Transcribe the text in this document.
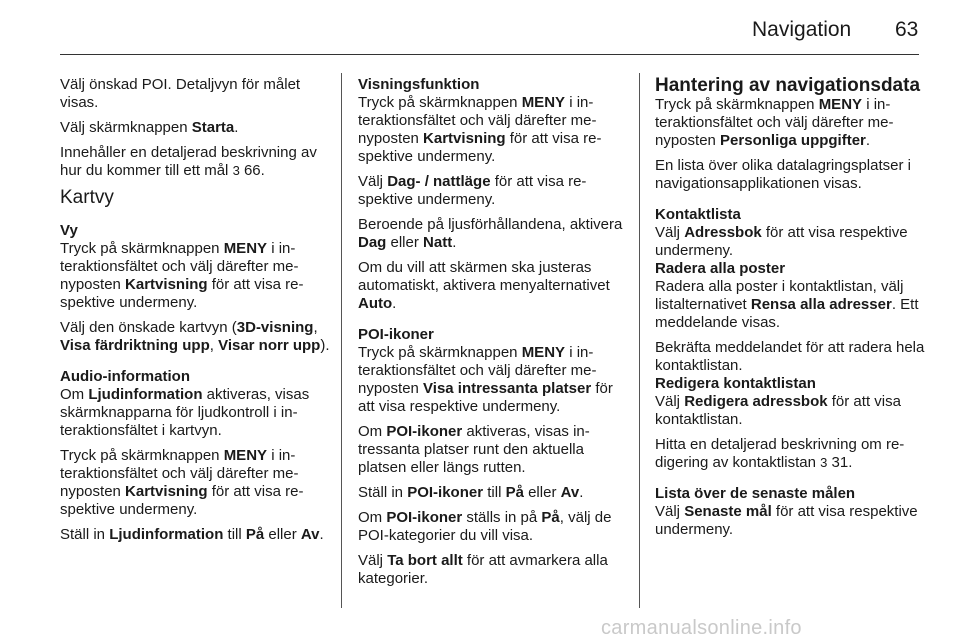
Navigation 63

Välj önskad POI. Detaljvyn för målet visas.

Välj skärmknappen Starta.

Innehåller en detaljerad beskrivning av hur du kommer till ett mål 3 66.

Kartvy
Vy

Tryck på skärmknappen MENY i interaktionsfältet och välj därefter menyposten Kartvisning för att visa respektive undermeny.

Välj den önskade kartvyn (3D-visning, Visa färdriktning upp, Visar norr upp).

Audio-information

Om Ljudinformation aktiveras, visas skärmknapparna för ljudkontroll i interaktionsfältet i kartvyn.

Tryck på skärmknappen MENY i interaktionsfältet och välj därefter menyposten Kartvisning för att visa respektive undermeny.

Ställ in Ljudinformation till På eller Av.

Visningsfunktion

Tryck på skärmknappen MENY i interaktionsfältet och välj därefter menyposten Kartvisning för att visa respektive undermeny.

Välj Dag- / nattläge för att visa respektive undermeny.

Beroende på ljusförhållandena, aktivera Dag eller Natt.

Om du vill att skärmen ska justeras automatiskt, aktivera menyalternativet Auto.

POI-ikoner

Tryck på skärmknappen MENY i interaktionsfältet och välj därefter menyposten Visa intressanta platser för att visa respektive undermeny.

Om POI-ikoner aktiveras, visas intressanta platser runt den aktuella platsen eller längs rutten.

Ställ in POI-ikoner till På eller Av.

Om POI-ikoner ställs in på På, välj de POI-kategorier du vill visa.

Välj Ta bort allt för att avmarkera alla kategorier.

Hantering av navigationsdata

Tryck på skärmknappen MENY i interaktionsfältet och välj därefter menyposten Personliga uppgifter.

En lista över olika datalagringsplatser i navigationsapplikationen visas.

Kontaktlista

Välj Adressbok för att visa respektive undermeny.

Radera alla poster

Radera alla poster i kontaktlistan, välj listalternativet Rensa alla adresser. Ett meddelande visas.

Bekräfta meddelandet för att radera hela kontaktlistan.

Redigera kontaktlistan

Välj Redigera adressbok för att visa kontaktlistan.

Hitta en detaljerad beskrivning om redigering av kontaktlistan 3 31.

Lista över de senaste målen

Välj Senaste mål för att visa respektive undermeny.

carmanualsonline.info
